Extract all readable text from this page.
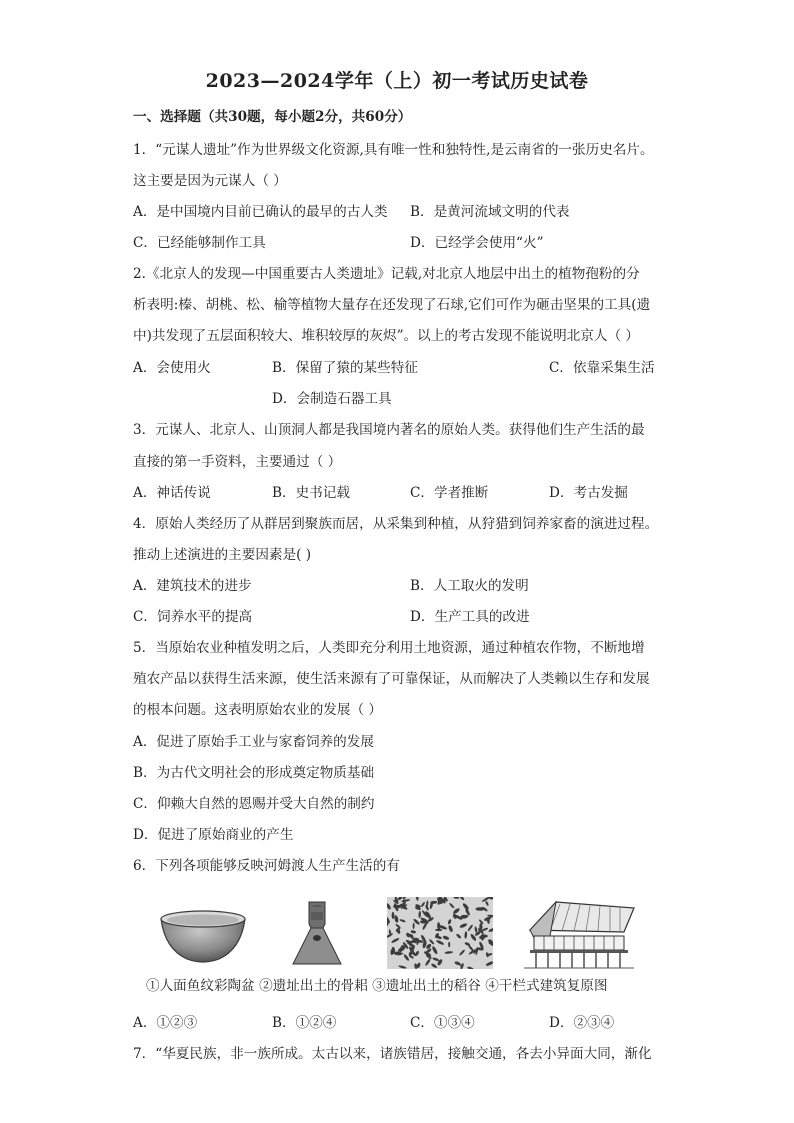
2023—2024学年（上）初一考试历史试卷
一、选择题（共30题，每小题2分，共60分）
1．“元谋人遗址”作为世界级文化资源,具有唯一性和独特性,是云南省的一张历史名片。
这主要是因为元谋人（ ）
A．是中国境内目前已确认的最早的古人类 B．是黄河流域文明的代表
C．已经能够制作工具	D．已经学会使用“火”
2.《北京人的发现—中国重要古人类遗址》记载,对北京人地层中出土的植物孢粉的分
析表明:榛、胡桃、松、榆等植物大量存在还发现了石球,它们可作为砸击坚果的工具(遗
中)共发现了五层面积较大、堆积较厚的灰烬”。以上的考古发现不能说明北京人（ ）
A．会使用火	B．保留了猿的某些特征	C．依靠采集生活
D．会制造石器工具
3．元谋人、北京人、山顶洞人都是我国境内著名的原始人类。获得他们生产生活的最
直接的第一手资料，主要通过（ ）
A．神话传说	B．史书记载	C．学者推断	D．考古发掘
4．原始人类经历了从群居到聚族而居，从采集到种植，从狩猎到饲养家畜的演进过程。
推动上述演进的主要因素是( )
A．建筑技术的进步	B．人工取火的发明
C．饲养水平的提高	D．生产工具的改进
5．当原始农业种植发明之后，人类即充分利用土地资源，通过种植农作物，不断地增
殖农产品以获得生活来源，使生活来源有了可靠保证，从而解决了人类赖以生存和发展
的根本问题。这表明原始农业的发展（ ）
A．促进了原始手工业与家畜饲养的发展
B．为古代文明社会的形成奠定物质基础
C．仰赖大自然的恩赐并受大自然的制约
D．促进了原始商业的产生
6．下列各项能够反映河姆渡人生产生活的有
①人面鱼纹彩陶盆 ②遗址出土的骨耜 ③遗址出土的稻谷 ④干栏式建筑复原图
A．①②③	B．①②④	C．①③④	D．②③④
7．“华夏民族，非一族所成。太古以来，诸族错居，接触交通，各去小异面大同，渐化
